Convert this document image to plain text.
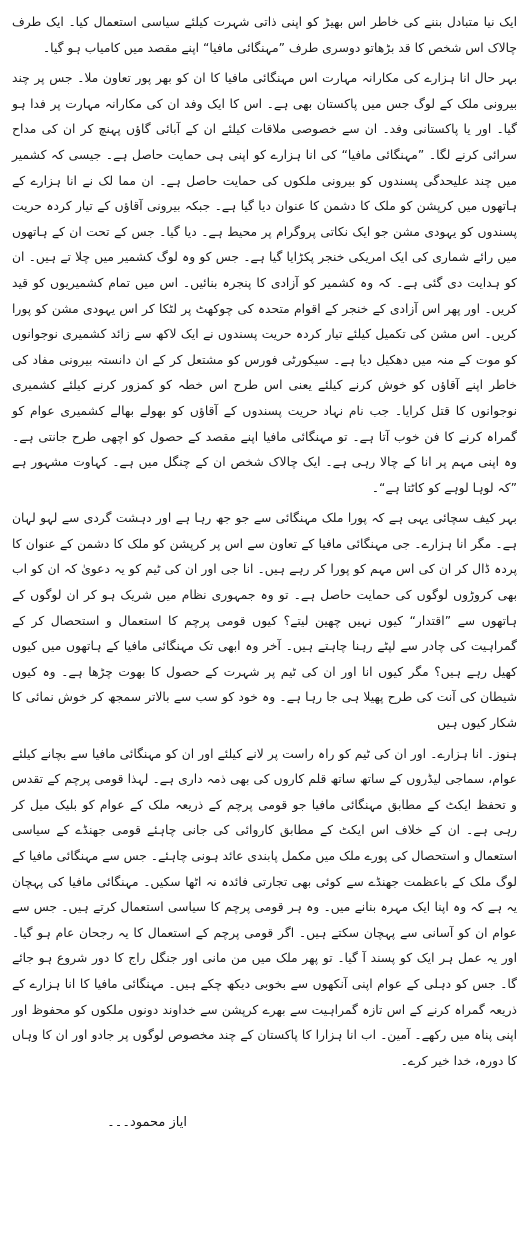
ایک نیا متبادل بننے کی خاطر اس بھیڑ کو اپنی ذاتی شہرت کیلئے سیاسی استعمال کیا۔ ایک طرف چالاک اس شخص کا قد بڑھاتو دوسری طرف ”مہنگائی مافیا“ اپنے مقصد میں کامیاب ہو گیا۔

بہر حال انا ہزارے کی مکارانہ مہارت اس مہنگائی مافیا کا ان کو بھر پور تعاون ملا۔ جس پر چند بیرونی ملک کے لوگ جس میں پاکستان بھی ہے۔ اس کا ایک وفد ان کی مکارانہ مہارت پر فدا ہو گیا۔ اور یا پاکستانی وفد۔ ان سے خصوصی ملاقات کیلئے ان کے آبائی گاؤں پہنچ کر ان کی مداح سرائی کرنے لگا۔ ”مہنگائی مافیا“ کی انا ہزارے کو اپنی ہی حمایت حاصل ہے۔ جیسی کہ کشمیر میں چند علیحدگی پسندوں کو بیرونی ملکوں کی حمایت حاصل ہے۔ ان مما لک نے انا ہزارے کے ہاتھوں میں کرپشن کو ملک کا دشمن کا عنوان دیا گیا ہے۔ جبکہ بیرونی آقاؤں کے تیار کردہ حریت پسندوں کو یہودی مشن جو ایک نکاتی پروگرام پر محیط ہے۔ دیا گیا۔ جس کے تحت ان کے ہاتھوں میں رائے شماری کی ایک امریکی خنجر پکڑایا گیا ہے۔ جس کو وہ لوگ کشمیر میں چلا تے ہیں۔ ان کو ہدایت دی گئی ہے۔ کہ وہ کشمیر کو آزادی کا پنجرہ بنائیں۔ اس میں تمام کشمیریوں کو قید کریں۔ اور پھر اس آزادی کے خنجر کے اقوام متحدہ کی چوکھٹ پر لٹکا کر اس یہودی مشن کو پورا کریں۔ اس مشن کی تکمیل کیلئے تیار کردہ حریت پسندوں نے ایک لاکھ سے زائد کشمیری نوجوانوں کو موت کے منہ میں دھکیل دیا ہے۔ سیکورٹی فورس کو مشتعل کر کے ان دانستہ بیرونی مفاد کی خاطر اپنے آقاؤں کو خوش کرنے کیلئے یعنی اس طرح اس خطہ کو کمزور کرنے کیلئے کشمیری نوجوانوں کا قتل کرایا۔ جب نام نہاد حریت پسندوں کے آقاؤں کو بھولے بھالے کشمیری عوام کو گمراہ کرنے کا فن خوب آتا ہے۔ تو مہنگائی مافیا اپنے مقصد کے حصول کو اچھی طرح جانتی ہے۔ وہ اپنی مہم پر انا کے چالا رہی ہے۔ ایک چالاک شخص ان کے چنگل میں ہے۔ کہاوت مشہور ہے ”کہ لوہا لوہے کو کاٹتا ہے“۔

بہر کیف سچائی یہی ہے کہ پورا ملک مہنگائی سے جو جھ رہا ہے اور دہشت گردی سے لہو لہان ہے۔ مگر انا ہزارے۔ جی مہنگائی مافیا کے تعاون سے اس پر کرپشن کو ملک کا دشمن کے عنوان کا پردہ ڈال کر ان کی اس مہم کو پورا کر رہے ہیں۔ انا جی اور ان کی ٹیم کو یہ دعویٰ کہ ان کو اب بھی کروڑوں لوگوں کی حمایت حاصل ہے۔ تو وہ جمہوری نظام میں شریک ہو کر ان لوگوں کے ہاتھوں سے ”اقتدار“ کیوں نہیں چھین لیتے؟ کیوں قومی پرچم کا استعمال و استحصال کر کے گمراہیت کی چادر سے لپٹے رہنا چاہتے ہیں۔ آخر وہ ابھی تک مہنگائی مافیا کے ہاتھوں میں کیوں کھیل رہے ہیں؟ مگر کیوں انا اور ان کی ٹیم پر شہرت کے حصول کا بھوت چڑھا ہے۔ وہ کیوں شیطان کی آنت کی طرح پھیلا ہی جا رہا ہے۔ وہ خود کو سب سے بالاتر سمجھ کر خوش نمائی کا شکار کیوں ہیں

ہنوز۔ انا ہزارے۔ اور ان کی ٹیم کو راہ راست پر لانے کیلئے اور ان کو مہنگائی مافیا سے بچانے کیلئے عوام، سماجی لیڈروں کے ساتھ ساتھ قلم کاروں کی بھی ذمہ داری ہے۔ لہذا قومی پرچم کے تقدس و تحفظ ایکٹ کے مطابق مہنگائی مافیا جو قومی پرچم کے ذریعہ ملک کے عوام کو بلیک میل کر رہی ہے۔ ان کے خلاف اس ایکٹ کے مطابق کاروائی کی جانی چاہئے قومی جھنڈے کے سیاسی استعمال و استحصال کی پورے ملک میں مکمل پابندی عائد ہونی چاہئے۔ جس سے مہنگائی مافیا کے لوگ ملک کے باعظمت جھنڈے سے کوئی بھی تجارتی فائدہ نہ اٹھا سکیں۔ مہنگائی مافیا کی پہچان یہ ہے کہ وہ اپنا ایک مہرہ بنانے میں۔ وہ ہر قومی پرچم کا سیاسی استعمال کرتے ہیں۔ جس سے عوام ان کو آسانی سے پہچان سکتے ہیں۔ اگر قومی پرچم کے استعمال کا یہ رجحان عام ہو گیا۔ اور یہ عمل ہر ایک کو پسند آ گیا۔ تو پھر ملک میں من مانی اور جنگل راج کا دور شروع ہو جائے گا۔ جس کو دہلی کے عوام اپنی آنکھوں سے بخوبی دیکھ چکے ہیں۔ مہنگائی مافیا کا انا ہزارے کے ذریعہ گمراہ کرنے کے اس تازہ گمراہیت سے بھرے کرپشن سے خداوند دونوں ملکوں کو محفوظ اور اپنی پناہ میں رکھے۔ آمین۔ اب انا ہزارا کا پاکستان کے چند مخصوص لوگوں پر جادو اور ان کا وہاں کا دورہ، خدا خیر کرے۔

ایاز محمود۔۔۔
